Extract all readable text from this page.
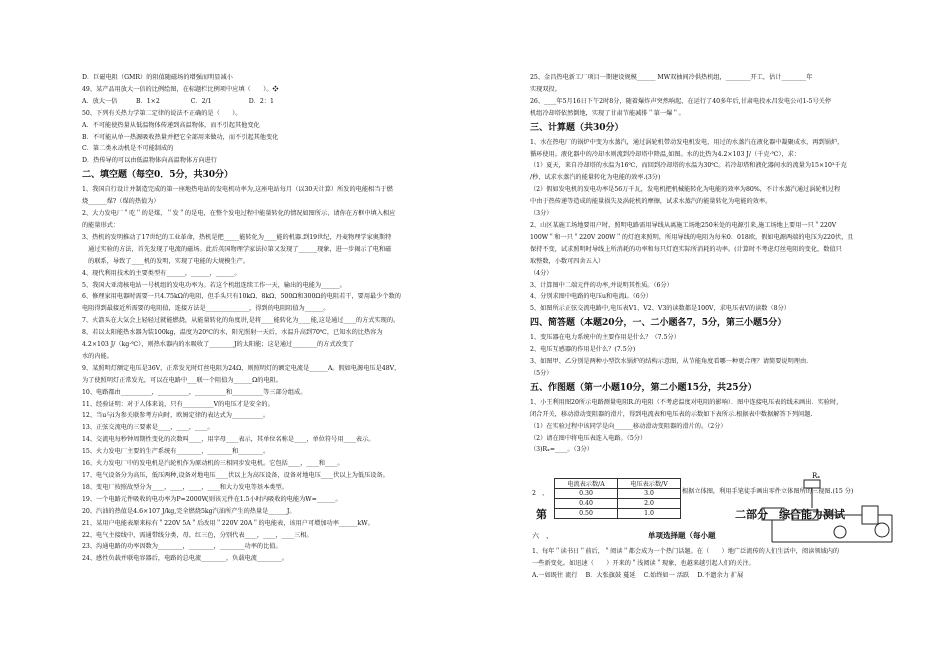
D．巨磁电阻（GMR）的阻值随磁场的增强而明显减小
49、某产品用放大一倍的比例绘图，在标题栏比例项中应填（　　）。❖
A．放大一倍　　　B．1×2　　　　　C．2/1　　　　　　D．2：1
50、下列有关热力学第二定律的说法不正确的是（　　）。
A．不可能使热量从低温物体传递到高温物体，而不引起其他变化
B．不可能从单一热源吸收热量并把它全部用来做功，而不引起其他变化
C．第二类永动机是不可能制成的
D．热传导的可以由低温物体向高温物体方向进行
二、填空题（每空0．5分，共30分）
1、我国自行设计并制造完成的第一座地热电站的发电机功率为,这座电站每月（以30天计算）所发的电能相当于燃
烧______煤?（煤的热值为）
2、大力发电厂＂吃＂的是煤，＂发＂的是电，在整个发电过程中能量转化的情况如图所示，请你在方框中填入相应
的能量形式：
3、热机的发明推动了17世纪的工业革命，热机是把_____能转化为____能的机器.到19世纪，丹麦物理学家奥斯特
　通过实验的方法，首先发现了电流的磁场。此后英国物理学家法拉第又发现了______现象，进一步揭示了电和磁
　的联系，导致了____机的发明，实现了电能的大规模生产。
4、现代利用技术的主要类型有______，______，______。
5、我国大亚湾核电站一号机组的发电功率为。若这个机组连续工作一天，输出的电能为______。
6、修理家用电器时需要一只4.75kΩ的电阻，但手头只有10kΩ、8kΩ、500Ω和300Ω的电阻若干，要用最少个数的
电阻得到最接近所需要的电阻值，连接方法是______________，得到的电阻阻值为______。
7、火箭头在大気会上轻轻过就能燃烧，从能量转化的角度讲,是将____能转化为____能,这是通过____的方式实现的。
8、若以太阳能热水器为装100kg，温度为20℃的水，阳光照射一天后，水温升高到70℃，已知水的比热容为
4.2×103 J/（kg·℃），则热水器内的水吸收了________J的太阳能；这是通过________的方式改变了
水的内能。
9、某照明灯额定电压是36V，正常发光时灯丝电阻为24Ω，则照明灯的额定电流是______A。假如电源电压是48V，
为了使照明灯正常发光，可以在电路中___联一个阻值为______Ω的电阻。
10、电路都由__________，__________，__________和__________等三部分组成。
11、经验证明：对于人体来说，只有__________V的电压才是安全的。
12、当u与i为参关联参考方向时，欧姆定律的表达式为__________。
13、正弦交流电的三要素是____，____，____。
14、交流电每秒钟周期性变化的次数叫____，用字母____表示，其单位名称是____，单位符号用____表示。
15、火力发电厂主要的生产系统有________，________和________。
16、火力发电厂中的发电机是汽轮机作为原动机的三相同步发电机。它包括____，____和____。
17、电气设备分为高压，低压两种,设备对地电压____伏以上为高压设备，设备对地电压____伏以上为低压设备。
18、变电厂按照故型分为____，____，____，____和大力发电等基本类型。
19、一个电路元件吸收的电功率为P=2000W,则该元件在1.5小时内吸收的电能为W=______。
20、汽油的热值是4.6×107 J/kg,完全燃烧5kg汽油所产生的热量是______J。
21、某用户电能表原来标有＂220V 5A＂后改用＂220V 20A＂的电能表，该用户可增加功率______kW。
22、电气主接线中，需通带线分类，母，红三色，分别代表____，____，____三相。
23、沟通电路的功率因数为________，________，________功率的比值。
24、感性负载并联电容器后，电路的总电流________，负载电流________。
25、金昌热电新工厂项目一期建设规模______ MW双抽间冷供热机组，________开工，估计________年
实现双投。
26、____年5月16日下午2时8分，随着爆炸声突然响起，在运行了40多年后,甘肃电投永昌发电公司1-5号关停
机组冷却塔依然倒地，实现了甘肃节能减排＂第一爆＂。
三、计算题（共30分）
1、水在热电厂的锅炉中变为水蒸汽，通过涡轮机带动发电机发电，用过的水蒸汽在液化器中凝聚成水，再到锅炉，
循环使用。液化器中的冷却水则流到冷却塔中降温,如图。水的比热为4.2×103 J/（千克·℃），求：
（1）夏天，来自冷却塔的水温为16℃，而回到冷却塔的水温为30℃。若冷却塔和液化器间水的流量为15×10³千克
/秒，试求水蒸汽的能量转化为电能的效率.(3分)
（2）假如发电机的发电功率是56万千瓦，发电机把机械能转化为电能的效率为80%，不计水蒸汽通过涡轮机过程
中由于热传递等造成的能量损失及涡轮机的摩擦，试求水蒸汽的能量转化为电能的效率。
（3分）
2、山区某施工场地要用户时，照明电路需用导线从离施工场地250米处的电源引来,施工场地上要用一只＂220V
100W＂和一只＂220V 200W＂的灯泡来照明，所用导线的电阻为每米0．018欧，假如电源两端的电压为220伏，且
保持不变，试求照明时导线上所消耗的功率和每只灯泡实际所消耗的功率。(计算时不考虑灯丝电阻的变化，数值只
取整数，小数可四舍五入）
（4分）
3、计算图中二端元件的功率,并说明其性质。（6分）
4、分别求图中电路的电压u和电流i。（6分）
5、如图所示正弦交流电路中,电压表V1、V2、V3的读数都是100V，求电压表V的读数（8分）
四、简答题（本题20分，一、二小题各7，5分，第三小题5分）
1、变压器在电力系统中的主要作用是什么？（7.5分）
2、电压互感器的作用是什么？(7.5分)
3、如图甲、乙分别是两种小型饮水锅炉的结构示意图，从节能角度看哪一种更合理？请简要说明理由.
（5分）
五、作图题（第一小题10分，第二小题15分，共25分）
1、小王利用图20所示电路测量电阻R.的电阻（不考虑温度对电阻的影响）．图中连接电压表的线未画出．实验时，
闭合开关，移动滑动变阻器的滑片，得到电流表和电压表的示数如下表所示.根据表中数据解答下列问题.
（1）在实验过程中该同学是向______移动滑动变阻器的滑片的。（2分）
（2）请在图中将电压表连入电路。（5分）
（3)Rₓ=____。（3分）
电流表示数/A	电压表示数/V
0.30	3.0
0.40	2.0
0.50	1.0
2　、	根据立体图，利用手笔徒手画出零件立体图所的三视图.(15 分)
第	二部分　综合能力测试
六　、	单项选择题（每小题
1、每年＂读书日＂前后，＂阅读＂都会成为一个热门话题。在（　　）地广泛流传的人们生活中，阅读领域内的
一些新变化。如迅速（　　）开来的＂浅阅读＂现象，也越来越引起人们的关注。
A.一如既往 流行　 B．大张旗鼓 蔓延　 C.始终如一 活跃　 D.不遗余力 扩展
Rₓ
